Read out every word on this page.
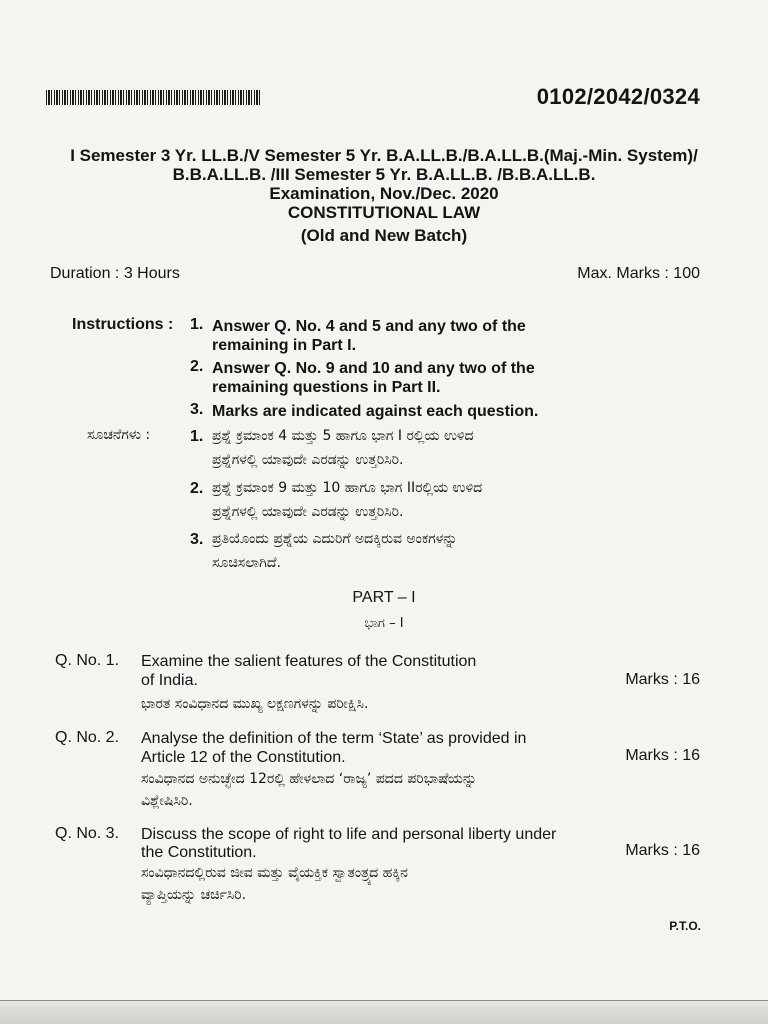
0102/2042/0324
I Semester 3 Yr. LL.B./V Semester 5 Yr. B.A.LL.B./B.A.LL.B.(Maj.-Min. System)/
B.B.A.LL.B. /III Semester 5 Yr. B.A.LL.B. /B.B.A.LL.B.
Examination, Nov./Dec. 2020
CONSTITUTIONAL LAW
(Old and New Batch)
Duration : 3 Hours	Max. Marks : 100
Instructions : 1. Answer Q. No. 4 and 5 and any two of the
remaining in Part I.
2. Answer Q. No. 9 and 10 and any two of the
remaining questions in Part II.
3. Marks are indicated against each question.
ಸೂಚನೆಗಳು : 1. ಪ್ರಶ್ನೆ ಕ್ರಮಾಂಕ 4 ಮತ್ತು 5 ಹಾಗೂ ಭಾಗ I ರಲ್ಲಿಯ ಉಳಿದ
ಪ್ರಶ್ನೆಗಳಲ್ಲಿ ಯಾವುದೇ ಎರಡನ್ನು ಉತ್ತರಿಸಿರಿ.
2. ಪ್ರಶ್ನೆ ಕ್ರಮಾಂಕ 9 ಮತ್ತು 10 ಹಾಗೂ ಭಾಗ IIರಲ್ಲಿಯ ಉಳಿದ
ಪ್ರಶ್ನೆಗಳಲ್ಲಿ ಯಾವುದೇ ಎರಡನ್ನು ಉತ್ತರಿಸಿರಿ.
3. ಪ್ರತಿಯೊಂದು ಪ್ರಶ್ನೆಯ ಎದುರಿಗೆ ಅದಕ್ಕಿರುವ ಅಂಕಗಳನ್ನು
ಸೂಚಿಸಲಾಗಿದೆ.
PART – I
ಭಾಗ – I
Q. No. 1. Examine the salient features of the Constitution
of India.	Marks : 16
ಭಾರತ ಸಂವಿಧಾನದ ಮುಖ್ಯ ಲಕ್ಷಣಗಳನ್ನು ಪರೀಕ್ಷಿಸಿ.
Q. No. 2. Analyse the definition of the term ‘State’ as provided in
Article 12 of the Constitution.	Marks : 16
ಸಂವಿಧಾನದ ಅನುಚ್ಛೇದ 12ರಲ್ಲಿ ಹೇಳಲಾದ ‘ರಾಜ್ಯ’ ಪದದ ಪರಿಭಾಷೆಯನ್ನು
ವಿಶ್ಲೇಷಿಸಿರಿ.
Q. No. 3. Discuss the scope of right to life and personal liberty under
the Constitution.	Marks : 16
ಸಂವಿಧಾನದಲ್ಲಿರುವ ಜೀವ ಮತ್ತು ವೈಯಕ್ತಿಕ ಸ್ವಾತಂತ್ರ್ಯದ ಹಕ್ಕಿನ
ವ್ಯಾಪ್ತಿಯನ್ನು ಚರ್ಚಿಸಿರಿ.
P.T.O.
